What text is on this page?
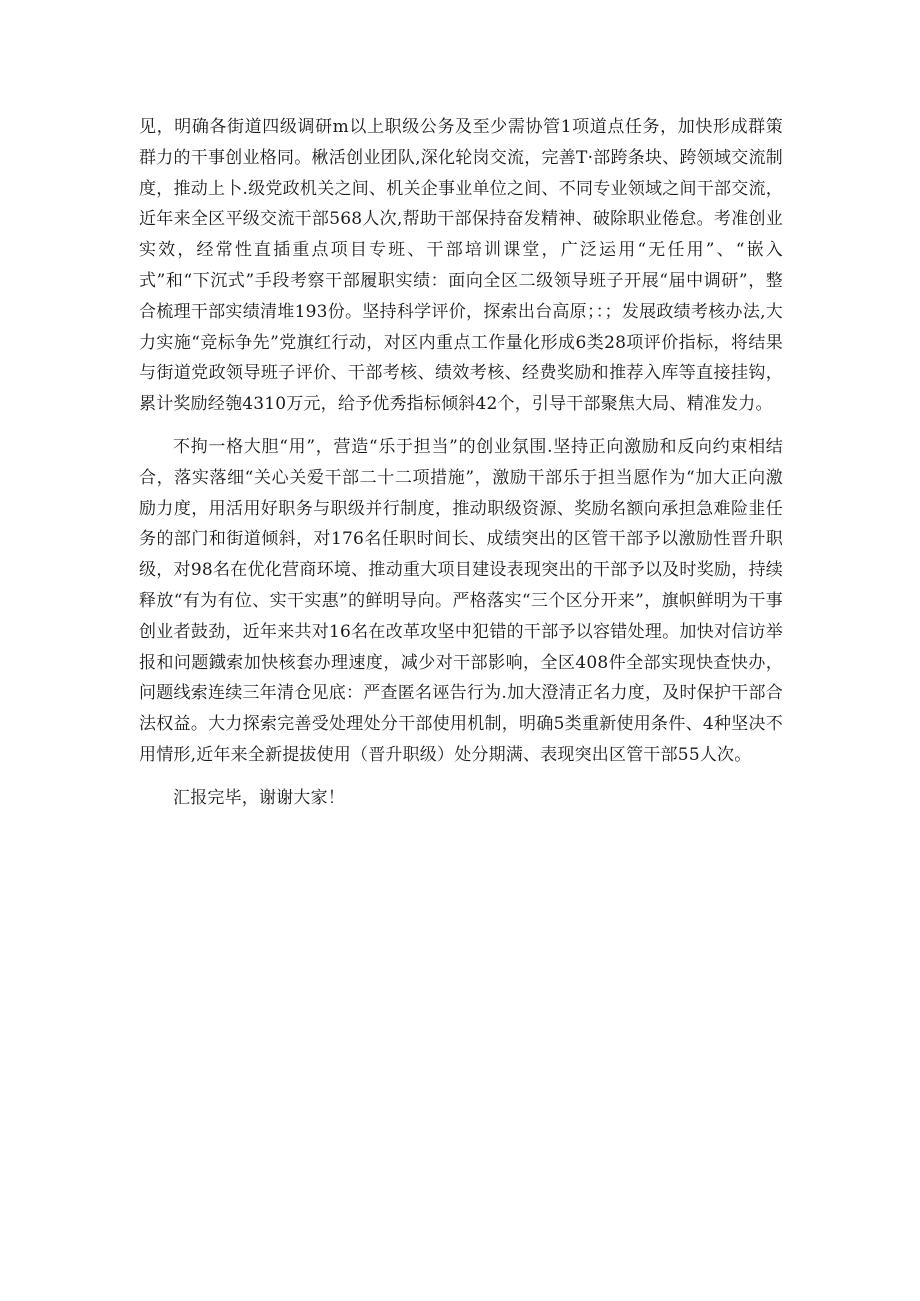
见，明确各街道四级调研m以上职级公务及至少需协管1项道点任务，加快形成群策群力的干事创业格同。楸活创业团队,深化轮岗交流，完善T·部跨条块、跨领域交流制度，推动上卜.级党政机关之间、机关企事业单位之间、不同专业领域之间干部交流，近年来全区平级交流干部568人次,帮助干部保持奋发精神、破除职业倦怠。考准创业实效，经常性直插重点项目专班、干部培训课堂，广泛运用“无任用”、“嵌入式”和“下沉式”手段考察干部履职实绩：面向全区二级领导班子开展“届中调研”，整合梳理干部实绩清堆193份。坚持科学评价，探索出台高原；：；发展政绩考核办法,大力实施“竞标争先”党旗红行动，对区内重点工作量化形成6类28项评价指标，将结果与街道党政领导班子评价、干部考核、绩效考核、经费奖励和推荐入库等直接挂钩，累计奖励经匏4310万元，给予优秀指标倾斜42个，引导干部聚焦大局、精准发力。

不拘一格大胆“用”，营造“乐于担当”的创业氛围.坚持正向激励和反向约束相结合，落实落细“关心关爱干部二十二项措施”，激励干部乐于担当愿作为“加大正向激励力度，用活用好职务与职级并行制度，推动职级资源、奖励名额向承担急难险韭任务的部门和街道倾斜，对176名任职时间长、成绩突出的区管干部予以激励性晋升职级，对98名在优化营商环境、推动重大项目建设表现突出的干部予以及时奖励，持续释放“有为有位、实干实惠”的鲜明导向。严格落实“三个区分开来”，旗帜鲜明为干事创业者鼓劲，近年来共对16名在改革攻坚中犯错的干部予以容错处理。加快对信访举报和问题鐡索加快核套办理速度，减少对干部影响，全区408件全部实现快查快办，问题线索连续三年清仓见底：严查匿名诬告行为.加大澄清正名力度，及时保护干部合法权益。大力探索完善受处理处分干部使用机制，明确5类重新使用条件、4种坚决不用情形,近年来全新提拔使用（晋升职级）处分期满、表现突出区管干部55人次。

汇报完毕，谢谢大家！
